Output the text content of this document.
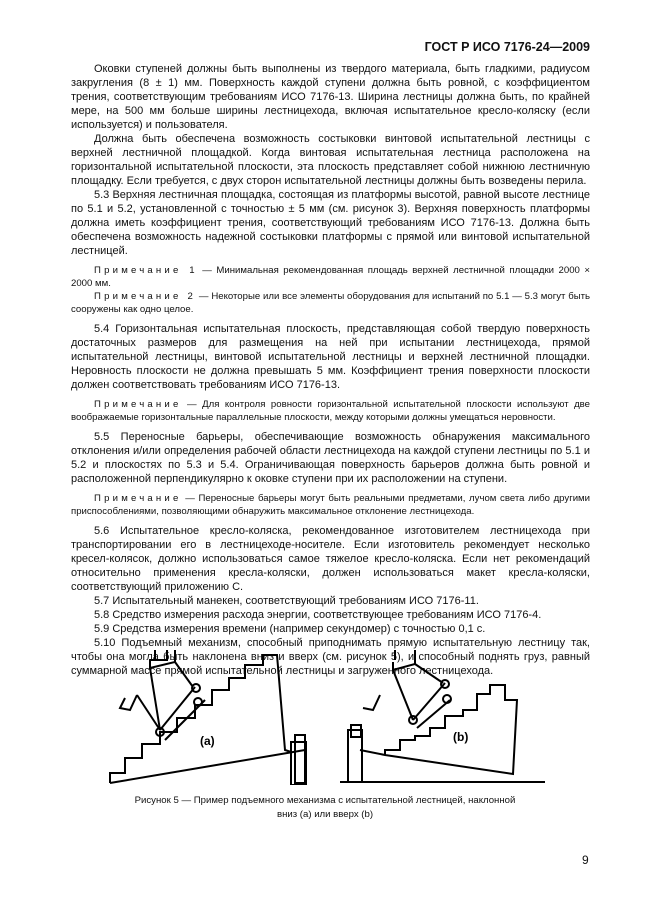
ГОСТ Р ИСО 7176-24—2009

Оковки ступеней должны быть выполнены из твердого материала, быть гладкими, радиусом закругления (8 ± 1) мм. Поверхность каждой ступени должна быть ровной, с коэффициентом трения, соответствующим требованиям ИСО 7176-13. Ширина лестницы должна быть, по крайней мере, на 500 мм больше ширины лестницехода, включая испытательное кресло-коляску (если используется) и пользователя.

Должна быть обеспечена возможность состыковки винтовой испытательной лестницы с верхней лестничной площадкой. Когда винтовая испытательная лестница расположена на горизонтальной испытательной плоскости, эта плоскость представляет собой нижнюю лестничную площадку. Если требуется, с двух сторон испытательной лестницы должны быть возведены перила.

5.3 Верхняя лестничная площадка, состоящая из платформы высотой, равной высоте лестнице по 5.1 и 5.2, установленной с точностью ± 5 мм (см. рисунок 3). Верхняя поверхность платформы должна иметь коэффициент трения, соответствующий требованиям ИСО 7176-13. Должна быть обеспечена возможность надежной состыковки платформы с прямой или винтовой испытательной лестницей.

Примечание 1 — Минимальная рекомендованная площадь верхней лестничной площадки 2000 × 2000 мм.

Примечание 2 — Некоторые или все элементы оборудования для испытаний по 5.1 — 5.3 могут быть сооружены как одно целое.

5.4 Горизонтальная испытательная плоскость, представляющая собой твердую поверхность достаточных размеров для размещения на ней при испытании лестницехода, прямой испытательной лестницы, винтовой испытательной лестницы и верхней лестничной площадки. Неровность плоскости не должна превышать 5 мм. Коэффициент трения поверхности плоскости должен соответствовать требованиям ИСО 7176-13.

Примечание — Для контроля ровности горизонтальной испытательной плоскости используют две воображаемые горизонтальные параллельные плоскости, между которыми должны умещаться неровности.

5.5 Переносные барьеры, обеспечивающие возможность обнаружения максимального отклонения и/или определения рабочей области лестницехода на каждой ступени лестницы по 5.1 и 5.2 и плоскостях по 5.3 и 5.4. Ограничивающая поверхность барьеров должна быть ровной и расположенной перпендикулярно к оковке ступени при их расположении на ступени.

Примечание — Переносные барьеры могут быть реальными предметами, лучом света либо другими приспособлениями, позволяющими обнаружить максимальное отклонение лестницехода.

5.6 Испытательное кресло-коляска, рекомендованное изготовителем лестницехода при транспортировании его в лестницеходе-носителе. Если изготовитель рекомендует несколько кресел-колясок, должно использоваться самое тяжелое кресло-коляска. Если нет рекомендаций относительно применения кресла-коляски, должен использоваться макет кресла-коляски, соответствующий приложению С.

5.7 Испытательный манекен, соответствующий требованиям ИСО 7176-11.

5.8 Средство измерения расхода энергии, соответствующее требованиям ИСО 7176-4.

5.9 Средства измерения времени (например секундомер) с точностью 0,1 с.

5.10 Подъемный механизм, способный приподнимать прямую испытательную лестницу так, чтобы она могла быть наклонена вниз и вверх (см. рисунок 5), и способный поднять груз, равный суммарной массе прямой испытательной лестницы и загруженного лестницехода.

(a)	(b)
Рисунок 5 — Пример подъемного механизма с испытательной лестницей, наклонной
вниз (a) или вверх (b)
9
